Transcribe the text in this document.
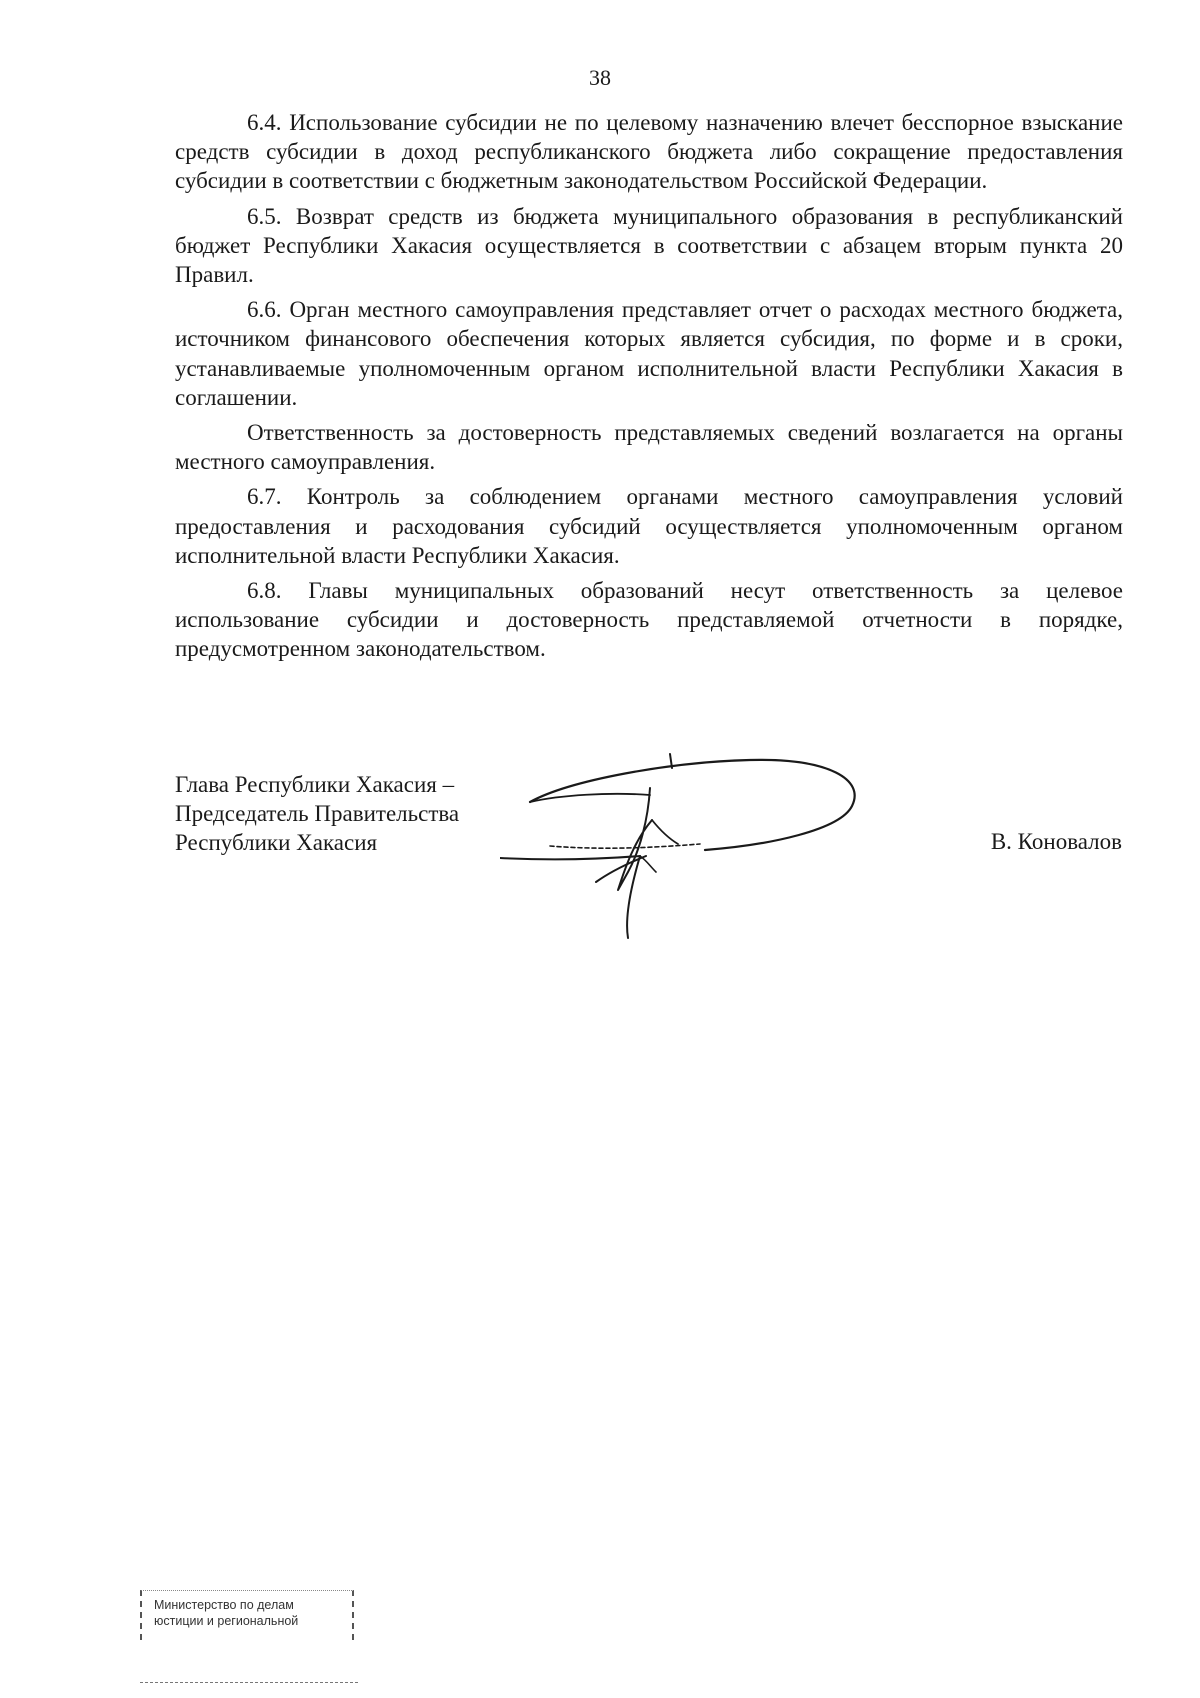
38

6.4. Использование субсидии не по целевому назначению влечет бесспорное взыскание средств субсидии в доход республиканского бюджета либо сокращение предоставления субсидии в соответствии с бюджетным законодательством Российской Федерации.

6.5. Возврат средств из бюджета муниципального образования в республиканский бюджет Республики Хакасия осуществляется в соответствии с абзацем вторым пункта 20 Правил.

6.6. Орган местного самоуправления представляет отчет о расходах местного бюджета, источником финансового обеспечения которых является субсидия, по форме и в сроки, устанавливаемые уполномоченным органом исполнительной власти Республики Хакасия в соглашении.

Ответственность за достоверность представляемых сведений возлагается на органы местного самоуправления.

6.7. Контроль за соблюдением органами местного самоуправления условий предоставления и расходования субсидий осуществляется уполномоченным органом исполнительной власти Республики Хакасия.

6.8. Главы муниципальных образований несут ответственность за целевое использование субсидии и достоверность представляемой отчетности в порядке, предусмотренном законодательством.

Глава Республики Хакасия –
Председатель Правительства
Республики Хакасия	В. Коновалов
Министерство по делам
юстиции и региональной
